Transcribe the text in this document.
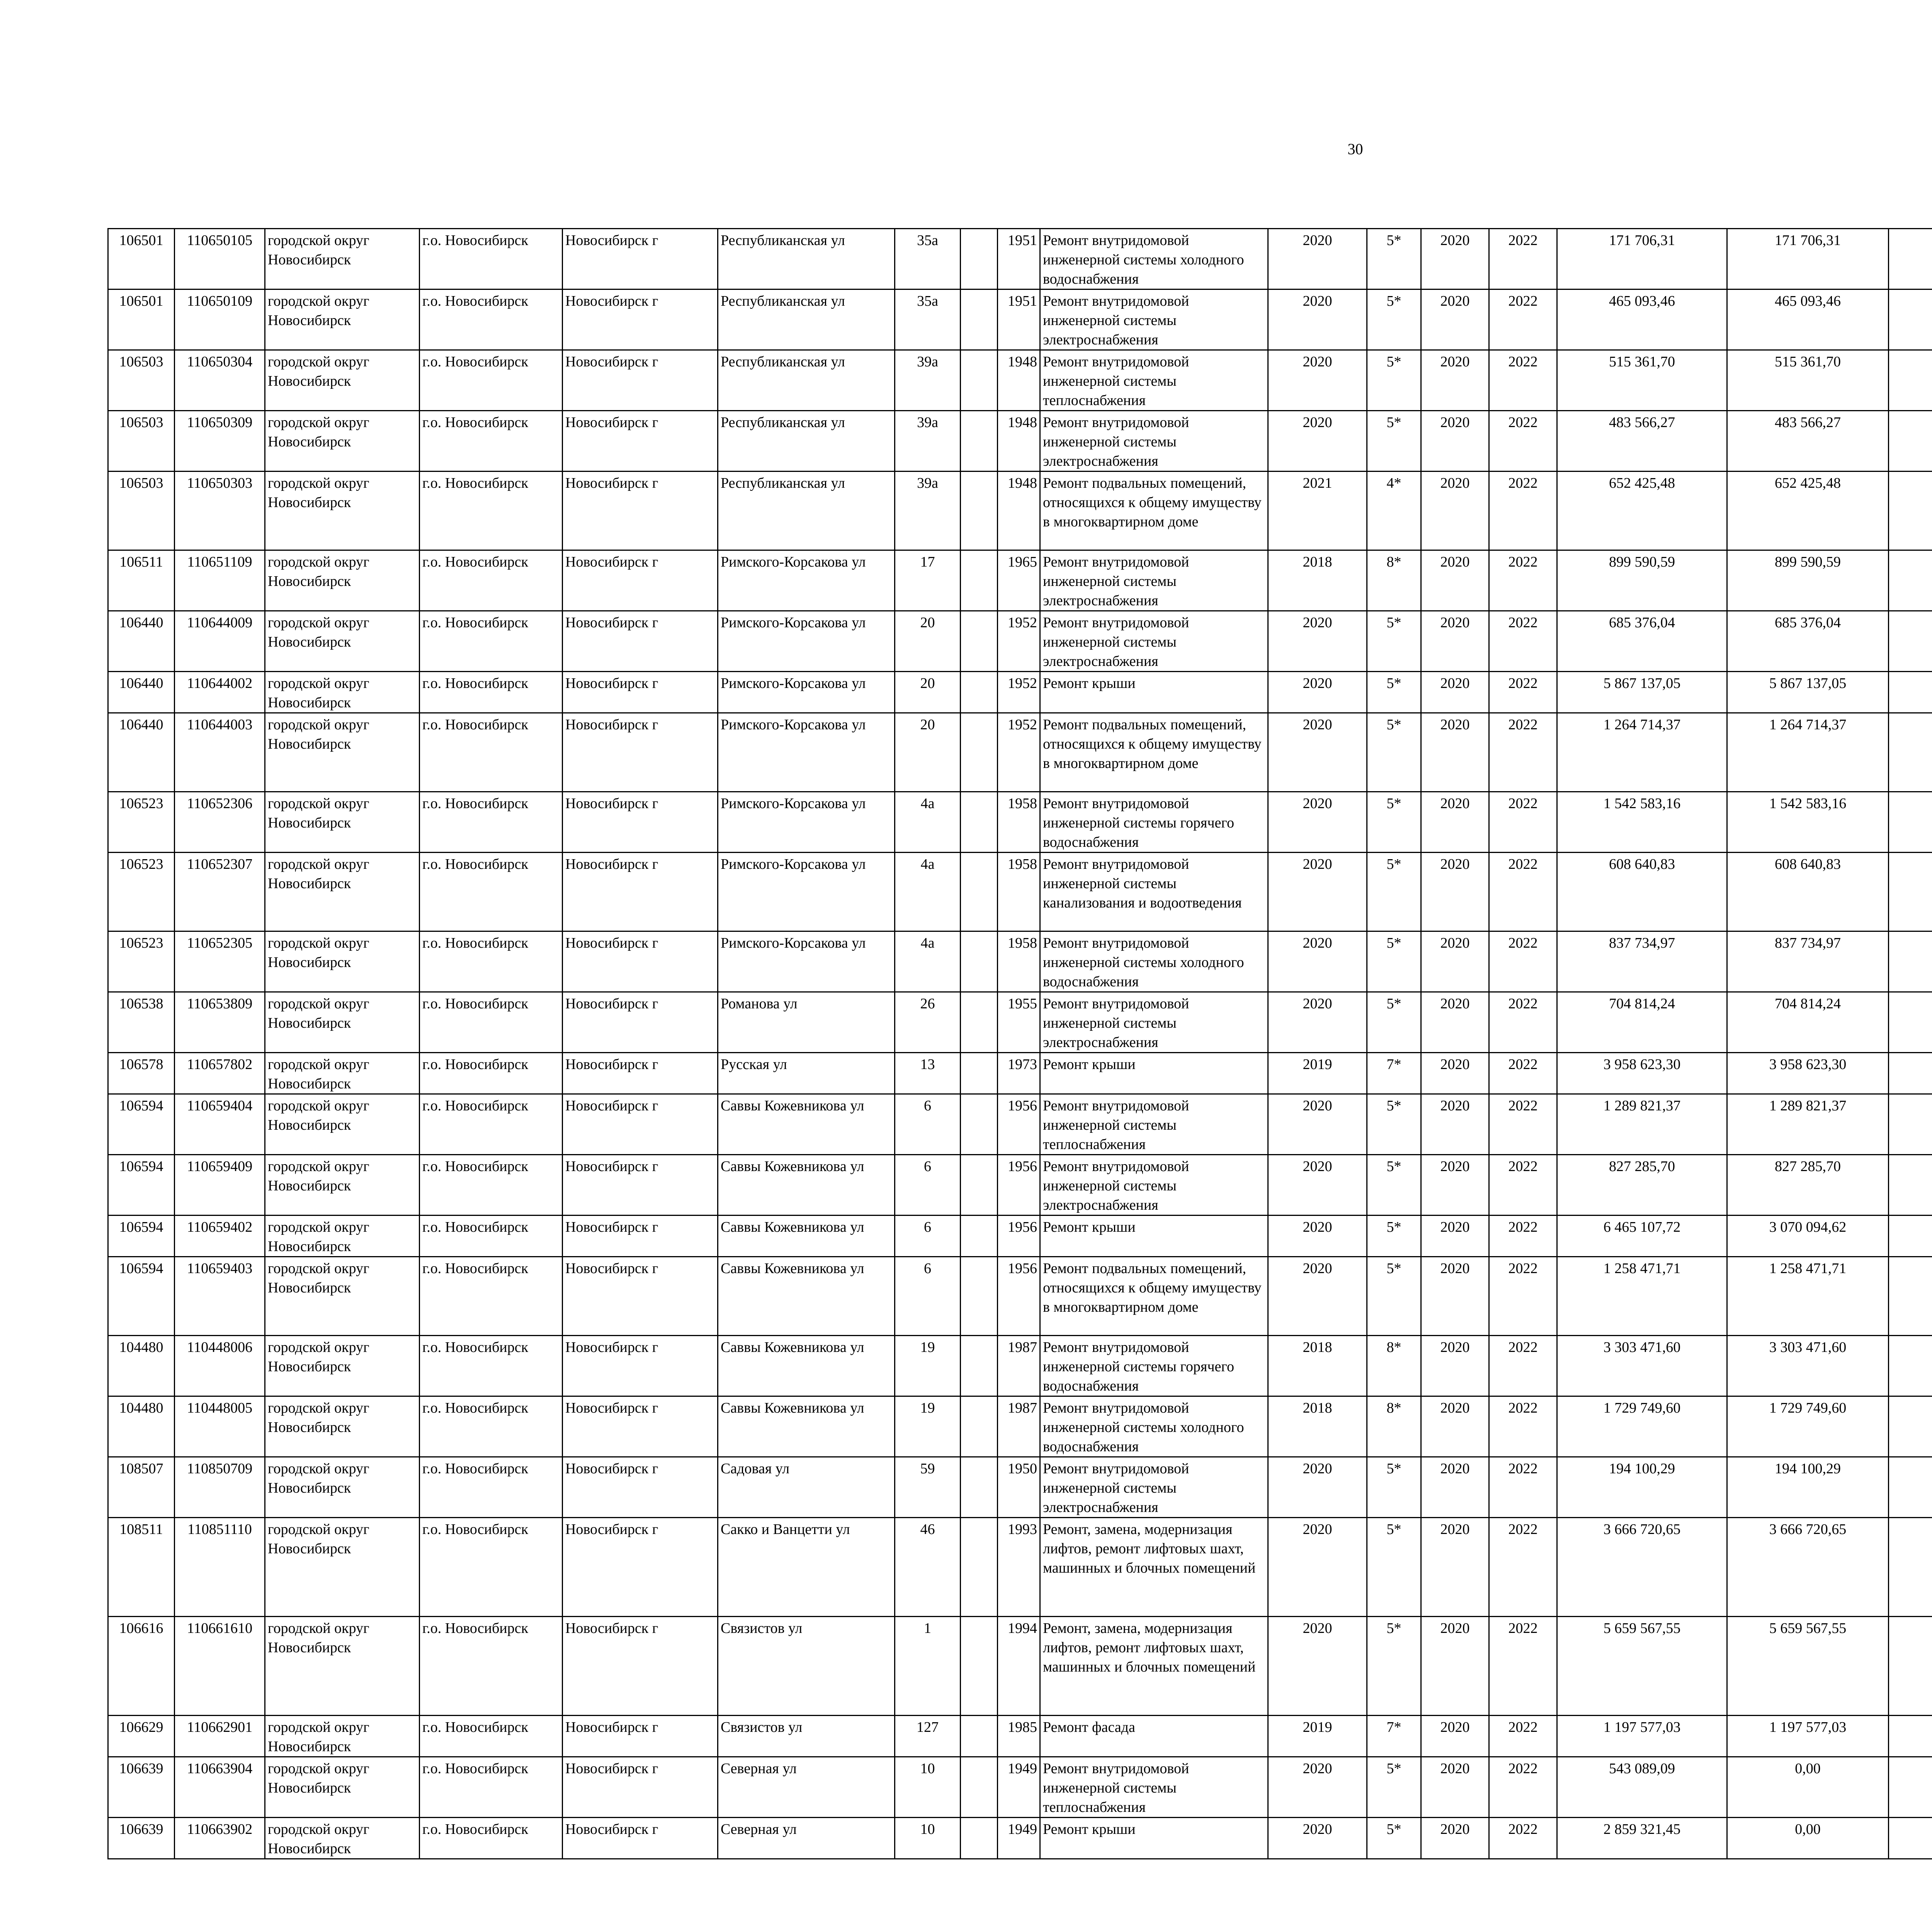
30
106501	110650105	городской округ Новосибирск	г.о. Новосибирск	Новосибирск г	Республиканская ул	35а		1951	Ремонт внутридомовой инженерной системы холодного водоснабжения	2020	5*	2020	2022	171 706,31	171 706,31						
106501	110650109	городской округ Новосибирск	г.о. Новосибирск	Новосибирск г	Республиканская ул	35а		1951	Ремонт внутридомовой инженерной системы электроснабжения	2020	5*	2020	2022	465 093,46	465 093,46						
106503	110650304	городской округ Новосибирск	г.о. Новосибирск	Новосибирск г	Республиканская ул	39а		1948	Ремонт внутридомовой инженерной системы теплоснабжения	2020	5*	2020	2022	515 361,70	515 361,70						
106503	110650309	городской округ Новосибирск	г.о. Новосибирск	Новосибирск г	Республиканская ул	39а		1948	Ремонт внутридомовой инженерной системы электроснабжения	2020	5*	2020	2022	483 566,27	483 566,27						
106503	110650303	городской округ Новосибирск	г.о. Новосибирск	Новосибирск г	Республиканская ул	39а		1948	Ремонт подвальных помещений, относящихся к общему имуществу в многоквартирном доме	2021	4*	2020	2022	652 425,48	652 425,48						
106511	110651109	городской округ Новосибирск	г.о. Новосибирск	Новосибирск г	Римского-Корсакова ул	17		1965	Ремонт внутридомовой инженерной системы электроснабжения	2018	8*	2020	2022	899 590,59	899 590,59						
106440	110644009	городской округ Новосибирск	г.о. Новосибирск	Новосибирск г	Римского-Корсакова ул	20		1952	Ремонт внутридомовой инженерной системы электроснабжения	2020	5*	2020	2022	685 376,04	685 376,04						
106440	110644002	городской округ Новосибирск	г.о. Новосибирск	Новосибирск г	Римского-Корсакова ул	20		1952	Ремонт крыши	2020	5*	2020	2022	5 867 137,05	5 867 137,05						
106440	110644003	городской округ Новосибирск	г.о. Новосибирск	Новосибирск г	Римского-Корсакова ул	20		1952	Ремонт подвальных помещений, относящихся к общему имуществу в многоквартирном доме	2020	5*	2020	2022	1 264 714,37	1 264 714,37						
106523	110652306	городской округ Новосибирск	г.о. Новосибирск	Новосибирск г	Римского-Корсакова ул	4а		1958	Ремонт внутридомовой инженерной системы горячего водоснабжения	2020	5*	2020	2022	1 542 583,16	1 542 583,16						
106523	110652307	городской округ Новосибирск	г.о. Новосибирск	Новосибирск г	Римского-Корсакова ул	4а		1958	Ремонт внутридомовой инженерной системы канализования и водоотведения	2020	5*	2020	2022	608 640,83	608 640,83						
106523	110652305	городской округ Новосибирск	г.о. Новосибирск	Новосибирск г	Римского-Корсакова ул	4а		1958	Ремонт внутридомовой инженерной системы холодного водоснабжения	2020	5*	2020	2022	837 734,97	837 734,97						
106538	110653809	городской округ Новосибирск	г.о. Новосибирск	Новосибирск г	Романова ул	26		1955	Ремонт внутридомовой инженерной системы электроснабжения	2020	5*	2020	2022	704 814,24	704 814,24						
106578	110657802	городской округ Новосибирск	г.о. Новосибирск	Новосибирск г	Русская ул	13		1973	Ремонт крыши	2019	7*	2020	2022	3 958 623,30	3 958 623,30						
106594	110659404	городской округ Новосибирск	г.о. Новосибирск	Новосибирск г	Саввы Кожевникова ул	6		1956	Ремонт внутридомовой инженерной системы теплоснабжения	2020	5*	2020	2022	1 289 821,37	1 289 821,37						
106594	110659409	городской округ Новосибирск	г.о. Новосибирск	Новосибирск г	Саввы Кожевникова ул	6		1956	Ремонт внутридомовой инженерной системы электроснабжения	2020	5*	2020	2022	827 285,70	827 285,70						
106594	110659402	городской округ Новосибирск	г.о. Новосибирск	Новосибирск г	Саввы Кожевникова ул	6		1956	Ремонт крыши	2020	5*	2020	2022	6 465 107,72	3 070 094,62						
106594	110659403	городской округ Новосибирск	г.о. Новосибирск	Новосибирск г	Саввы Кожевникова ул	6		1956	Ремонт подвальных помещений, относящихся к общему имуществу в многоквартирном доме	2020	5*	2020	2022	1 258 471,71	1 258 471,71						
104480	110448006	городской округ Новосибирск	г.о. Новосибирск	Новосибирск г	Саввы Кожевникова ул	19		1987	Ремонт внутридомовой инженерной системы горячего водоснабжения	2018	8*	2020	2022	3 303 471,60	3 303 471,60						
104480	110448005	городской округ Новосибирск	г.о. Новосибирск	Новосибирск г	Саввы Кожевникова ул	19		1987	Ремонт внутридомовой инженерной системы холодного водоснабжения	2018	8*	2020	2022	1 729 749,60	1 729 749,60						
108507	110850709	городской округ Новосибирск	г.о. Новосибирск	Новосибирск г	Садовая ул	59		1950	Ремонт внутридомовой инженерной системы электроснабжения	2020	5*	2020	2022	194 100,29	194 100,29						
108511	110851110	городской округ Новосибирск	г.о. Новосибирск	Новосибирск г	Сакко и Ванцетти ул	46		1993	Ремонт, замена, модернизация лифтов, ремонт лифтовых шахт, машинных и блочных помещений	2020	5*	2020	2022	3 666 720,65	3 666 720,65						
106616	110661610	городской округ Новосибирск	г.о. Новосибирск	Новосибирск г	Связистов ул	1		1994	Ремонт, замена, модернизация лифтов, ремонт лифтовых шахт, машинных и блочных помещений	2020	5*	2020	2022	5 659 567,55	5 659 567,55						
106629	110662901	городской округ Новосибирск	г.о. Новосибирск	Новосибирск г	Связистов ул	127		1985	Ремонт фасада	2019	7*	2020	2022	1 197 577,03	1 197 577,03						
106639	110663904	городской округ Новосибирск	г.о. Новосибирск	Новосибирск г	Северная ул	10		1949	Ремонт внутридомовой инженерной системы теплоснабжения	2020	5*	2020	2022	543 089,09	0,00						
106639	110663902	городской округ Новосибирск	г.о. Новосибирск	Новосибирск г	Северная ул	10		1949	Ремонт крыши	2020	5*	2020	2022	2 859 321,45	0,00						
